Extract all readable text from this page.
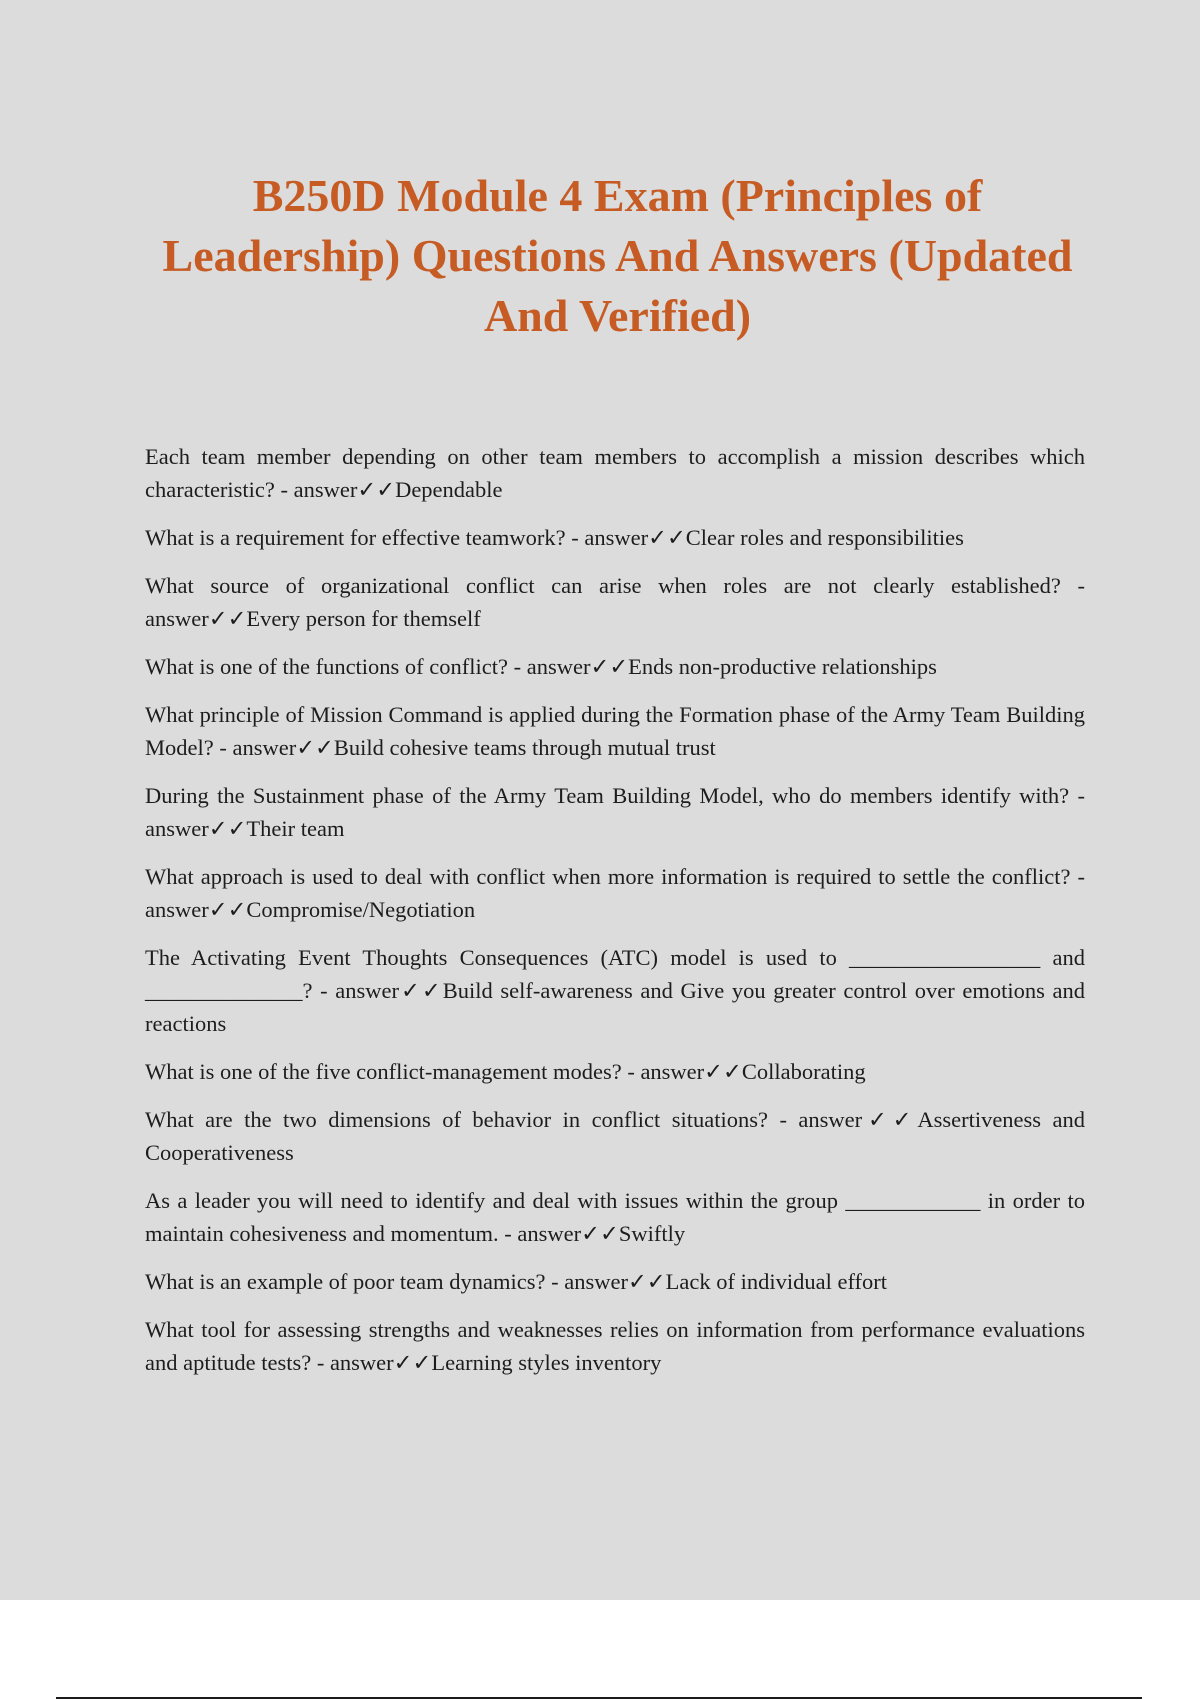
B250D Module 4 Exam (Principles of Leadership) Questions And Answers (Updated And Verified)
Each team member depending on other team members to accomplish a mission describes which characteristic? - answer✓✓Dependable
What is a requirement for effective teamwork? - answer✓✓Clear roles and responsibilities
What source of organizational conflict can arise when roles are not clearly established? - answer✓✓Every person for themself
What is one of the functions of conflict? - answer✓✓Ends non-productive relationships
What principle of Mission Command is applied during the Formation phase of the Army Team Building Model? - answer✓✓Build cohesive teams through mutual trust
During the Sustainment phase of the Army Team Building Model, who do members identify with? - answer✓✓Their team
What approach is used to deal with conflict when more information is required to settle the conflict? - answer✓✓Compromise/Negotiation
The Activating Event Thoughts Consequences (ATC) model is used to _________________ and ______________? - answer✓✓Build self-awareness and Give you greater control over emotions and reactions
What is one of the five conflict-management modes? - answer✓✓Collaborating
What are the two dimensions of behavior in conflict situations? - answer✓✓Assertiveness and Cooperativeness
As a leader you will need to identify and deal with issues within the group ____________ in order to maintain cohesiveness and momentum. - answer✓✓Swiftly
What is an example of poor team dynamics? - answer✓✓Lack of individual effort
What tool for assessing strengths and weaknesses relies on information from performance evaluations and aptitude tests? - answer✓✓Learning styles inventory
